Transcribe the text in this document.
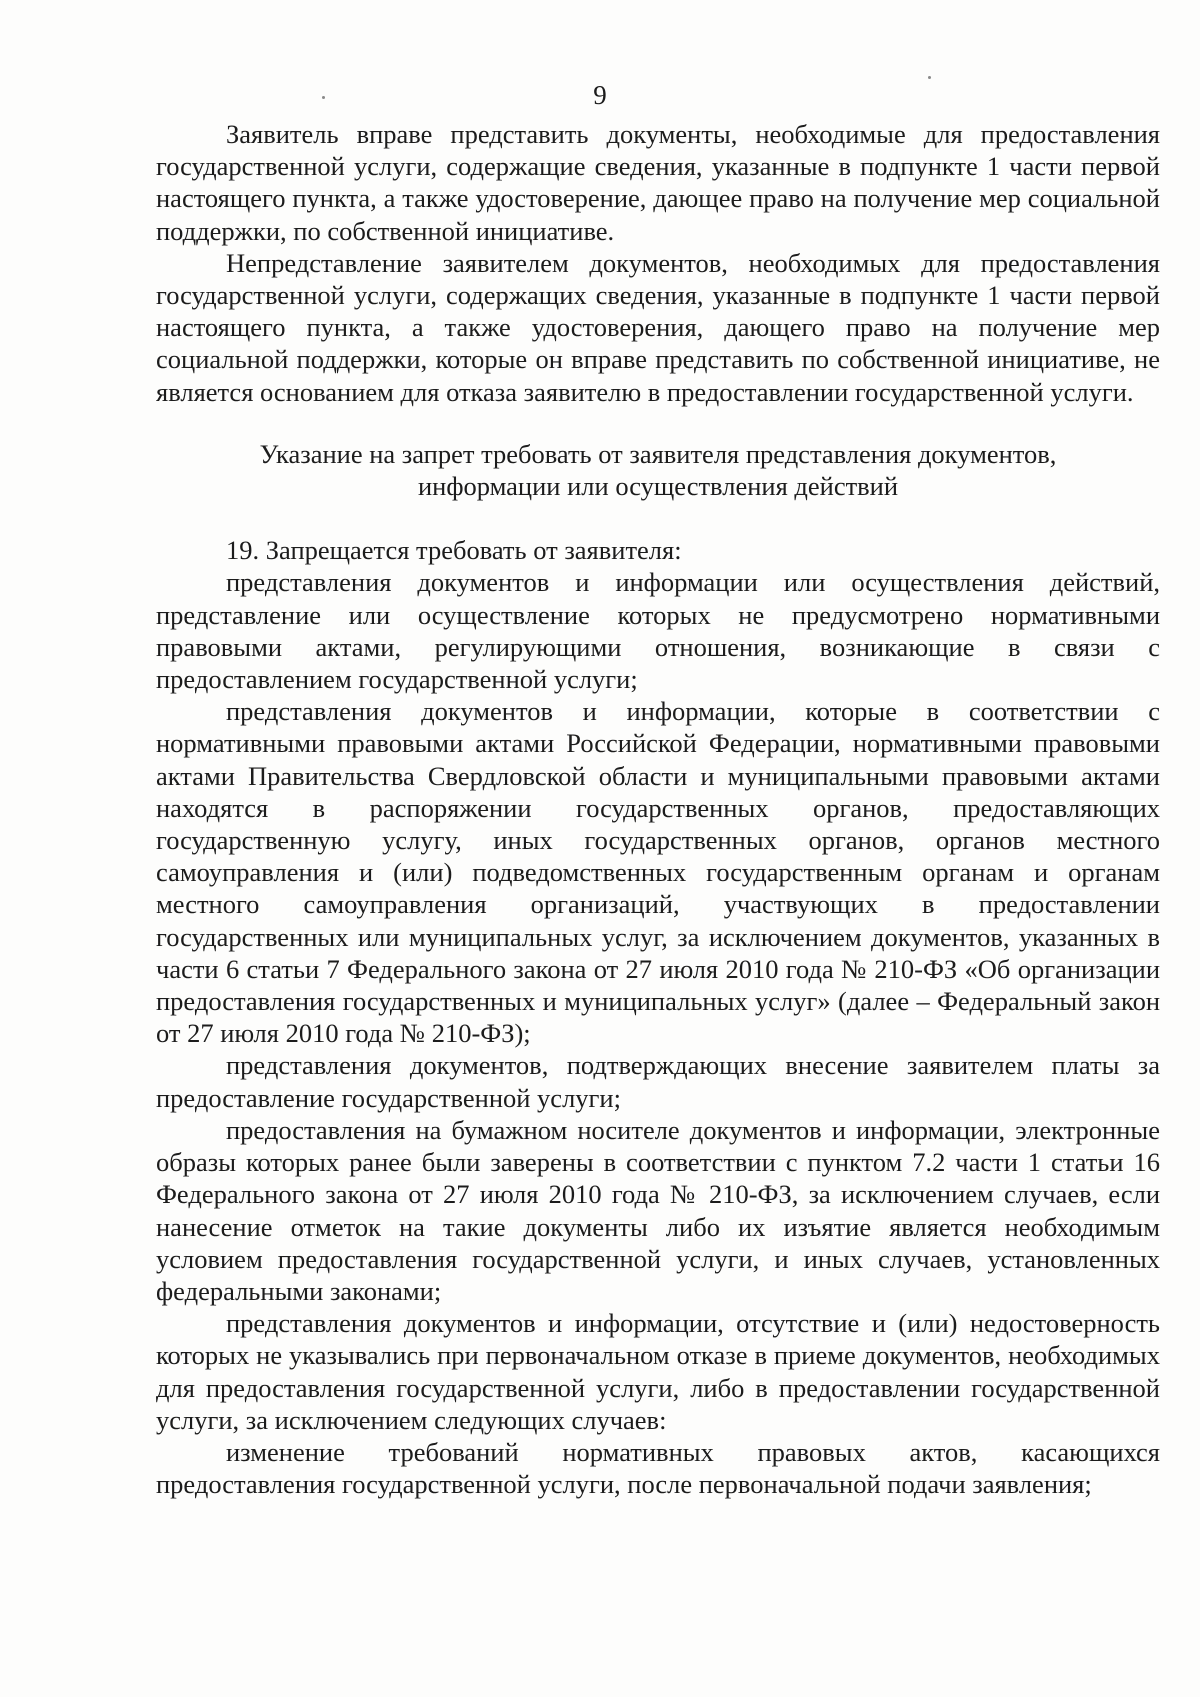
9

Заявитель вправе представить документы, необходимые для предоставления государственной услуги, содержащие сведения, указанные в подпункте 1 части первой настоящего пункта, а также удостоверение, дающее право на получение мер социальной поддержки, по собственной инициативе.

Непредставление заявителем документов, необходимых для предоставления государственной услуги, содержащих сведения, указанные в подпункте 1 части первой настоящего пункта, а также удостоверения, дающего право на получение мер социальной поддержки, которые он вправе представить по собственной инициативе, не является основанием для отказа заявителю в предоставлении государственной услуги.

Указание на запрет требовать от заявителя представления документов,
информации или осуществления действий

19. Запрещается требовать от заявителя:

представления документов и информации или осуществления действий, представление или осуществление которых не предусмотрено нормативными правовыми актами, регулирующими отношения, возникающие в связи с предоставлением государственной услуги;

представления документов и информации, которые в соответствии с нормативными правовыми актами Российской Федерации, нормативными правовыми актами Правительства Свердловской области и муниципальными правовыми актами находятся в распоряжении государственных органов, предоставляющих государственную услугу, иных государственных органов, органов местного самоуправления и (или) подведомственных государственным органам и органам местного самоуправления организаций, участвующих в предоставлении государственных или муниципальных услуг, за исключением документов, указанных в части 6 статьи 7 Федерального закона от 27 июля 2010 года № 210-ФЗ «Об организации предоставления государственных и муниципальных услуг» (далее – Федеральный закон от 27 июля 2010 года № 210-ФЗ);

представления документов, подтверждающих внесение заявителем платы за предоставление государственной услуги;

предоставления на бумажном носителе документов и информации, электронные образы которых ранее были заверены в соответствии с пунктом 7.2 части 1 статьи 16 Федерального закона от 27 июля 2010 года № 210-ФЗ, за исключением случаев, если нанесение отметок на такие документы либо их изъятие является необходимым условием предоставления государственной услуги, и иных случаев, установленных федеральными законами;

представления документов и информации, отсутствие и (или) недостоверность которых не указывались при первоначальном отказе в приеме документов, необходимых для предоставления государственной услуги, либо в предоставлении государственной услуги, за исключением следующих случаев:

изменение требований нормативных правовых актов, касающихся предоставления государственной услуги, после первоначальной подачи заявления;
